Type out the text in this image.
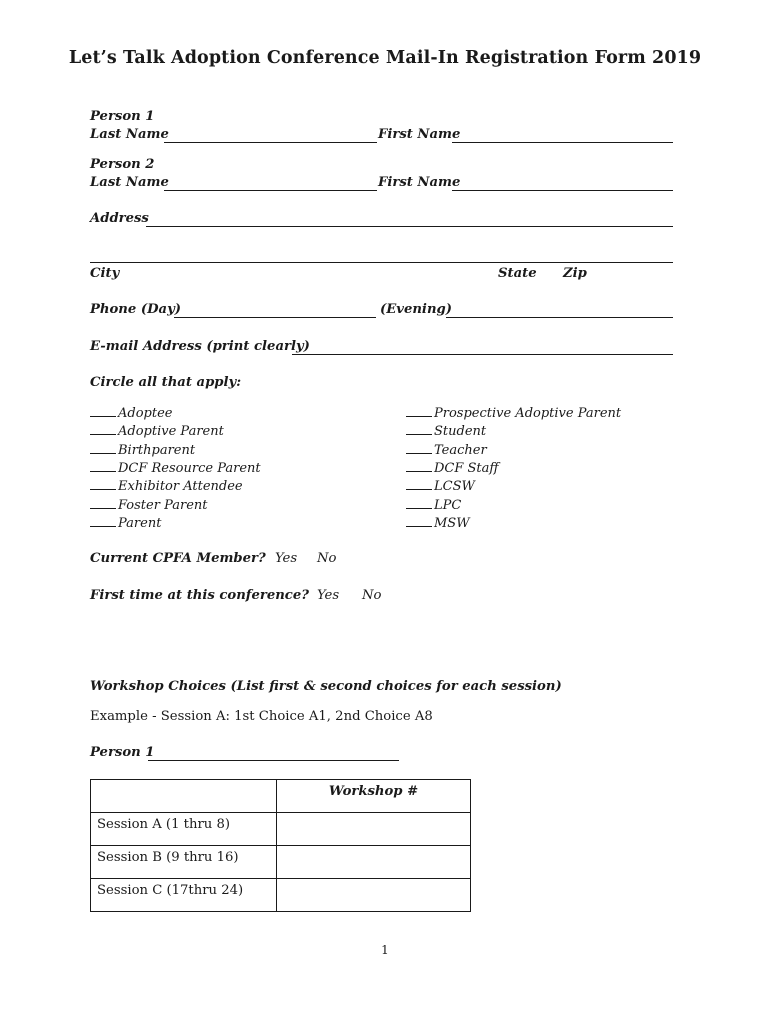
Let’s Talk Adoption Conference Mail-In Registration Form 2019
Person 1
Last Name	First Name
Person 2
Last Name	First Name
Address
City	State Zip
Phone (Day)	(Evening)
E-mail Address (print clearly)
Circle all that apply:
Adoptee
Adoptive Parent
Birthparent
DCF Resource Parent
Exhibitor Attendee
Foster Parent
Parent
Prospective Adoptive Parent
Student
Teacher
DCF Staff
LCSW
LPC
MSW
Current CPFA Member? Yes No
First time at this conference? Yes No
Workshop Choices (List first & second choices for each session)
Example - Session A: 1st Choice A1, 2nd Choice A8
Person 1
	Workshop #
Session A (1 thru 8)	
Session B (9 thru 16)	
Session C (17thru 24)	
1
